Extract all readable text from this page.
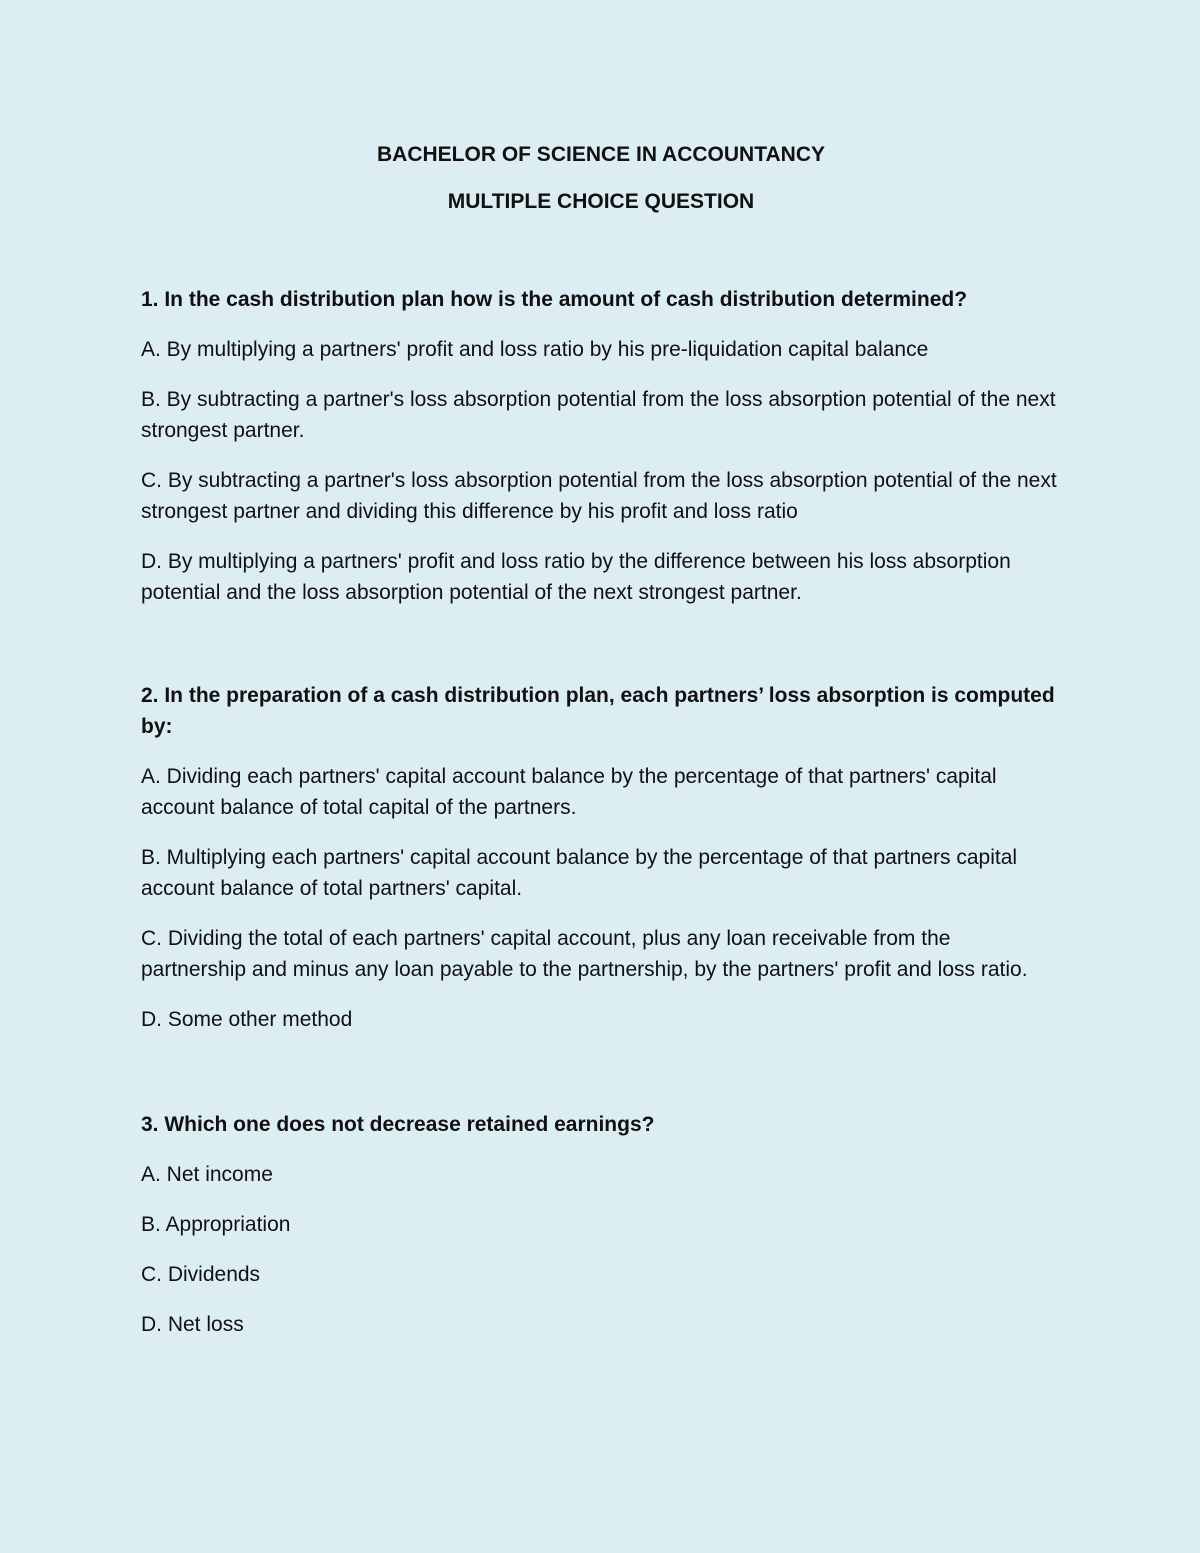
BACHELOR OF SCIENCE IN ACCOUNTANCY
MULTIPLE CHOICE QUESTION

1. In the cash distribution plan how is the amount of cash distribution determined?

A. By multiplying a partners' profit and loss ratio by his pre-liquidation capital balance

B. By subtracting a partner's loss absorption potential from the loss absorption potential of the next strongest partner.

C. By subtracting a partner's loss absorption potential from the loss absorption potential of the next strongest partner and dividing this difference by his profit and loss ratio

D. By multiplying a partners' profit and loss ratio by the difference between his loss absorption potential and the loss absorption potential of the next strongest partner.

2. In the preparation of a cash distribution plan, each partners’ loss absorption is computed by:

A. Dividing each partners' capital account balance by the percentage of that partners' capital account balance of total capital of the partners.

B. Multiplying each partners' capital account balance by the percentage of that partners capital account balance of total partners' capital.

C. Dividing the total of each partners' capital account, plus any loan receivable from the partnership and minus any loan payable to the partnership, by the partners' profit and loss ratio.

D. Some other method

3. Which one does not decrease retained earnings?

A. Net income

B. Appropriation

C. Dividends

D. Net loss
